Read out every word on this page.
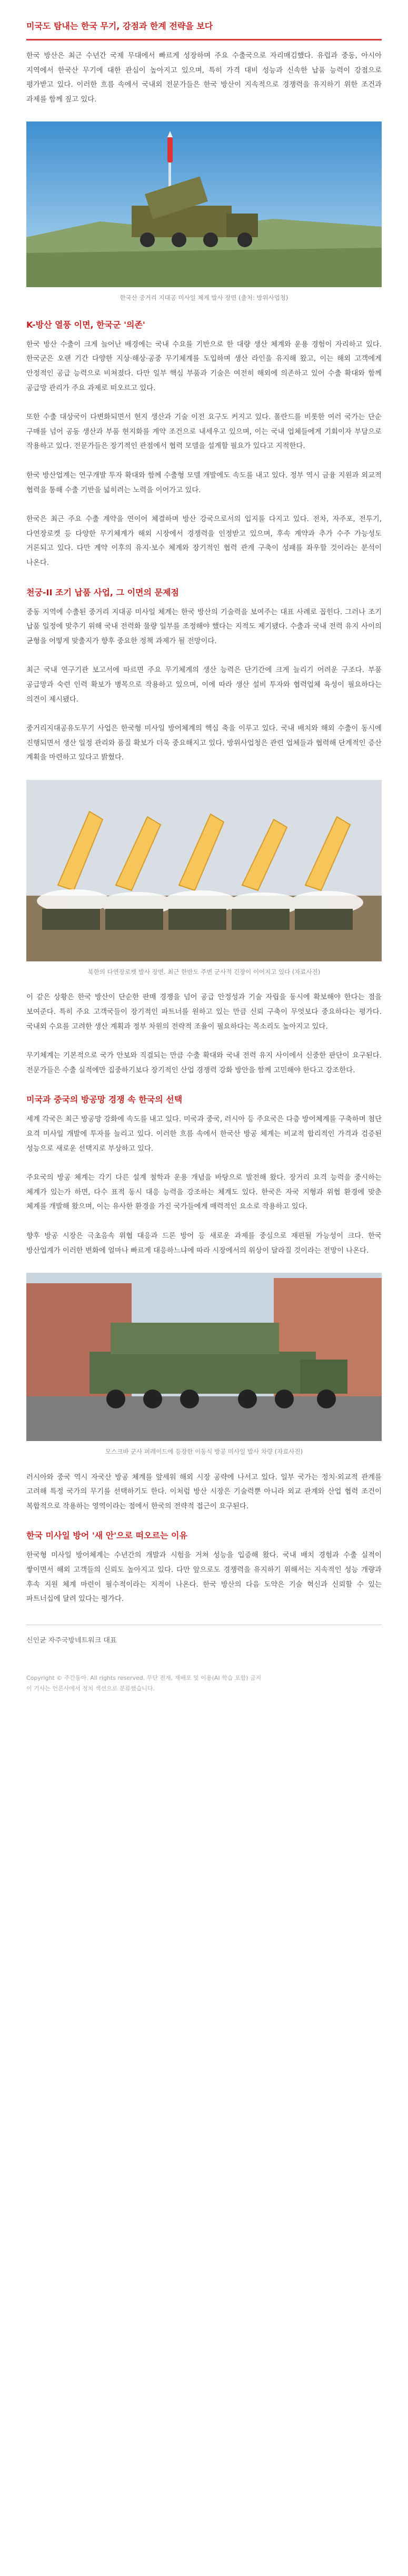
미국도 탐내는 한국 무기, 강점과 한계 전략을 보다

한국 방산은 최근 수년간 국제 무대에서 빠르게 성장하며 주요 수출국으로 자리매김했다. 유럽과 중동, 아시아 지역에서 한국산 무기에 대한 관심이 높아지고 있으며, 특히 가격 대비 성능과 신속한 납품 능력이 강점으로 평가받고 있다. 이러한 흐름 속에서 국내외 전문가들은 한국 방산이 지속적으로 경쟁력을 유지하기 위한 조건과 과제를 함께 짚고 있다.

한국산 중거리 지대공 미사일 체계 발사 장면 (출처: 방위사업청)
K-방산 열풍 이면, 한국군 '의존'

한국 방산 수출이 크게 늘어난 배경에는 국내 수요를 기반으로 한 대량 생산 체계와 운용 경험이 자리하고 있다. 한국군은 오랜 기간 다양한 지상·해상·공중 무기체계를 도입하며 생산 라인을 유지해 왔고, 이는 해외 고객에게 안정적인 공급 능력으로 비쳐졌다. 다만 일부 핵심 부품과 기술은 여전히 해외에 의존하고 있어 수출 확대와 함께 공급망 관리가 주요 과제로 떠오르고 있다.

또한 수출 대상국이 다변화되면서 현지 생산과 기술 이전 요구도 커지고 있다. 폴란드를 비롯한 여러 국가는 단순 구매를 넘어 공동 생산과 부품 현지화를 계약 조건으로 내세우고 있으며, 이는 국내 업체들에게 기회이자 부담으로 작용하고 있다. 전문가들은 장기적인 관점에서 협력 모델을 설계할 필요가 있다고 지적한다.

한국 방산업계는 연구개발 투자 확대와 함께 수출형 모델 개발에도 속도를 내고 있다. 정부 역시 금융 지원과 외교적 협력을 통해 수출 기반을 넓히려는 노력을 이어가고 있다.

한국은 최근 주요 수출 계약을 연이어 체결하며 방산 강국으로서의 입지를 다지고 있다. 전차, 자주포, 전투기, 다연장로켓 등 다양한 무기체계가 해외 시장에서 경쟁력을 인정받고 있으며, 후속 계약과 추가 수주 가능성도 거론되고 있다. 다만 계약 이후의 유지·보수 체계와 장기적인 협력 관계 구축이 성패를 좌우할 것이라는 분석이 나온다.

천궁-II 조기 납품 사업, 그 이면의 문제점

중동 지역에 수출된 중거리 지대공 미사일 체계는 한국 방산의 기술력을 보여주는 대표 사례로 꼽힌다. 그러나 조기 납품 일정에 맞추기 위해 국내 전력화 물량 일부를 조정해야 했다는 지적도 제기됐다. 수출과 국내 전력 유지 사이의 균형을 어떻게 맞출지가 향후 중요한 정책 과제가 될 전망이다.

최근 국내 연구기관 보고서에 따르면 주요 무기체계의 생산 능력은 단기간에 크게 늘리기 어려운 구조다. 부품 공급망과 숙련 인력 확보가 병목으로 작용하고 있으며, 이에 따라 생산 설비 투자와 협력업체 육성이 필요하다는 의견이 제시됐다.

중거리지대공유도무기 사업은 한국형 미사일 방어체계의 핵심 축을 이루고 있다. 국내 배치와 해외 수출이 동시에 진행되면서 생산 일정 관리와 품질 확보가 더욱 중요해지고 있다. 방위사업청은 관련 업체들과 협력해 단계적인 증산 계획을 마련하고 있다고 밝혔다.

북한의 다연장로켓 발사 장면. 최근 한반도 주변 군사적 긴장이 이어지고 있다 (자료사진)

이 같은 상황은 한국 방산이 단순한 판매 경쟁을 넘어 공급 안정성과 기술 자립을 동시에 확보해야 한다는 점을 보여준다. 특히 주요 고객국들이 장기적인 파트너를 원하고 있는 만큼 신뢰 구축이 무엇보다 중요하다는 평가다. 국내외 수요를 고려한 생산 계획과 정부 차원의 전략적 조율이 필요하다는 목소리도 높아지고 있다.

무기체계는 기본적으로 국가 안보와 직결되는 만큼 수출 확대와 국내 전력 유지 사이에서 신중한 판단이 요구된다. 전문가들은 수출 실적에만 집중하기보다 장기적인 산업 경쟁력 강화 방안을 함께 고민해야 한다고 강조한다.

미국과 중국의 방공망 경쟁 속 한국의 선택

세계 각국은 최근 방공망 강화에 속도를 내고 있다. 미국과 중국, 러시아 등 주요국은 다층 방어체계를 구축하며 첨단 요격 미사일 개발에 투자를 늘리고 있다. 이러한 흐름 속에서 한국산 방공 체계는 비교적 합리적인 가격과 검증된 성능으로 새로운 선택지로 부상하고 있다.

주요국의 방공 체계는 각기 다른 설계 철학과 운용 개념을 바탕으로 발전해 왔다. 장거리 요격 능력을 중시하는 체계가 있는가 하면, 다수 표적 동시 대응 능력을 강조하는 체계도 있다. 한국은 자국 지형과 위협 환경에 맞춘 체계를 개발해 왔으며, 이는 유사한 환경을 가진 국가들에게 매력적인 요소로 작용하고 있다.

향후 방공 시장은 극초음속 위협 대응과 드론 방어 등 새로운 과제를 중심으로 재편될 가능성이 크다. 한국 방산업계가 이러한 변화에 얼마나 빠르게 대응하느냐에 따라 시장에서의 위상이 달라질 것이라는 전망이 나온다.

모스크바 군사 퍼레이드에 등장한 이동식 방공 미사일 발사 차량 (자료사진)

러시아와 중국 역시 자국산 방공 체계를 앞세워 해외 시장 공략에 나서고 있다. 일부 국가는 정치·외교적 관계를 고려해 특정 국가의 무기를 선택하기도 한다. 이처럼 방산 시장은 기술력뿐 아니라 외교 관계와 산업 협력 조건이 복합적으로 작용하는 영역이라는 점에서 한국의 전략적 접근이 요구된다.

한국 미사일 방어 '새 안'으로 떠오르는 이유

한국형 미사일 방어체계는 수년간의 개발과 시험을 거쳐 성능을 입증해 왔다. 국내 배치 경험과 수출 실적이 쌓이면서 해외 고객들의 신뢰도 높아지고 있다. 다만 앞으로도 경쟁력을 유지하기 위해서는 지속적인 성능 개량과 후속 지원 체계 마련이 필수적이라는 지적이 나온다. 한국 방산의 다음 도약은 기술 혁신과 신뢰할 수 있는 파트너십에 달려 있다는 평가다.

신인균 자주국방네트워크 대표
Copyright © 주간동아. All rights reserved. 무단 전재, 재배포 및 이용(AI 학습 포함) 금지
이 기사는 언론사에서 정치 섹션으로 분류했습니다.
